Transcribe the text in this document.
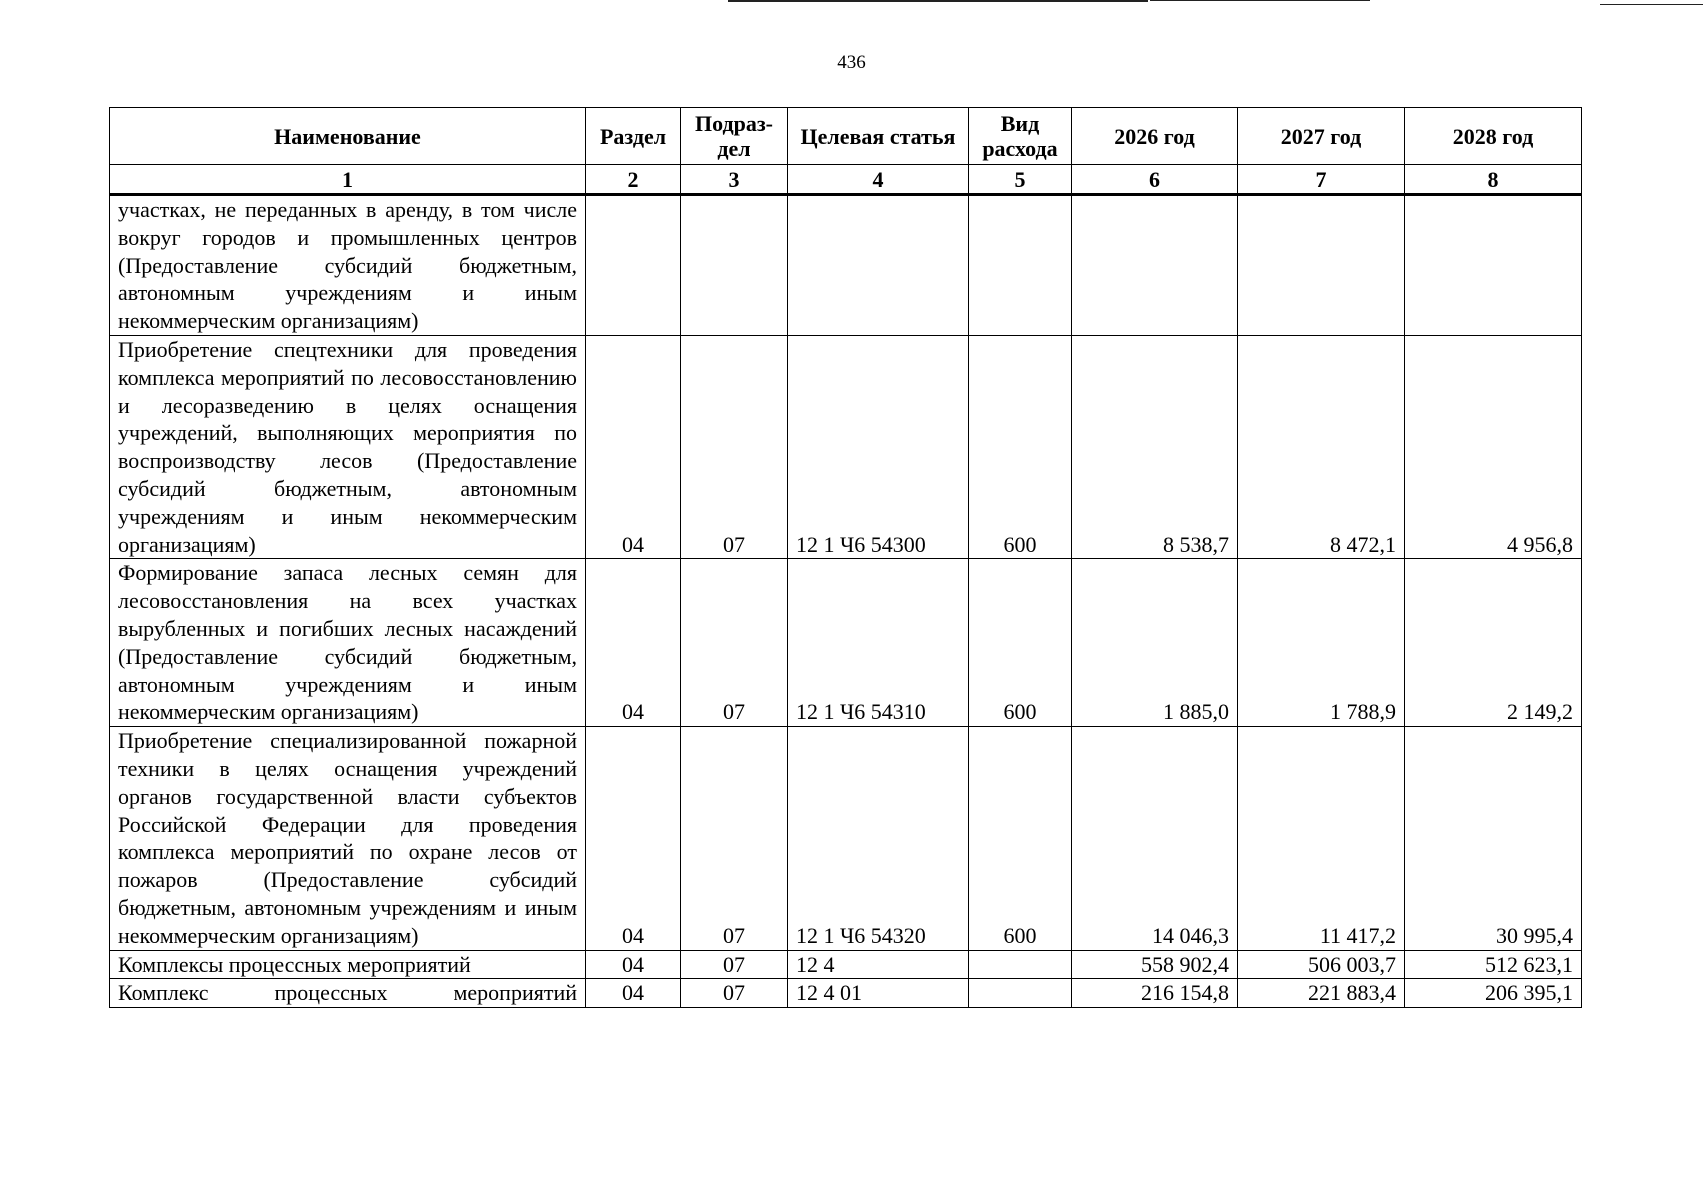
436
Наименование	Раздел	Подраз-дел	Целевая статья	Вид расхода	2026 год	2027 год	2028 год
1	2	3	4	5	6	7	8
участках, не переданных в аренду, в том числе вокруг городов и промышленных центров (Предоставление субсидий бюджетным, автономным учреждениям и иным некоммерческим организациям)							
Приобретение спецтехники для проведения комплекса мероприятий по лесовосстановлению и лесоразведению в целях оснащения учреждений, выполняющих мероприятия по воспроизводству лесов (Предоставление субсидий бюджетным, автономным учреждениям и иным некоммерческим организациям)	04	07	12 1 Ч6 54300	600	8 538,7	8 472,1	4 956,8
Формирование запаса лесных семян для лесовосстановления на всех участках вырубленных и погибших лесных насаждений (Предоставление субсидий бюджетным, автономным учреждениям и иным некоммерческим организациям)	04	07	12 1 Ч6 54310	600	1 885,0	1 788,9	2 149,2
Приобретение специализированной пожарной техники в целях оснащения учреждений органов государственной власти субъектов Российской Федерации для проведения комплекса мероприятий по охране лесов от пожаров (Предоставление субсидий бюджетным, автономным учреждениям и иным некоммерческим организациям)	04	07	12 1 Ч6 54320	600	14 046,3	11 417,2	30 995,4
Комплексы процессных мероприятий	04	07	12 4		558 902,4	506 003,7	512 623,1
Комплекс процессных мероприятий	04	07	12 4 01		216 154,8	221 883,4	206 395,1
